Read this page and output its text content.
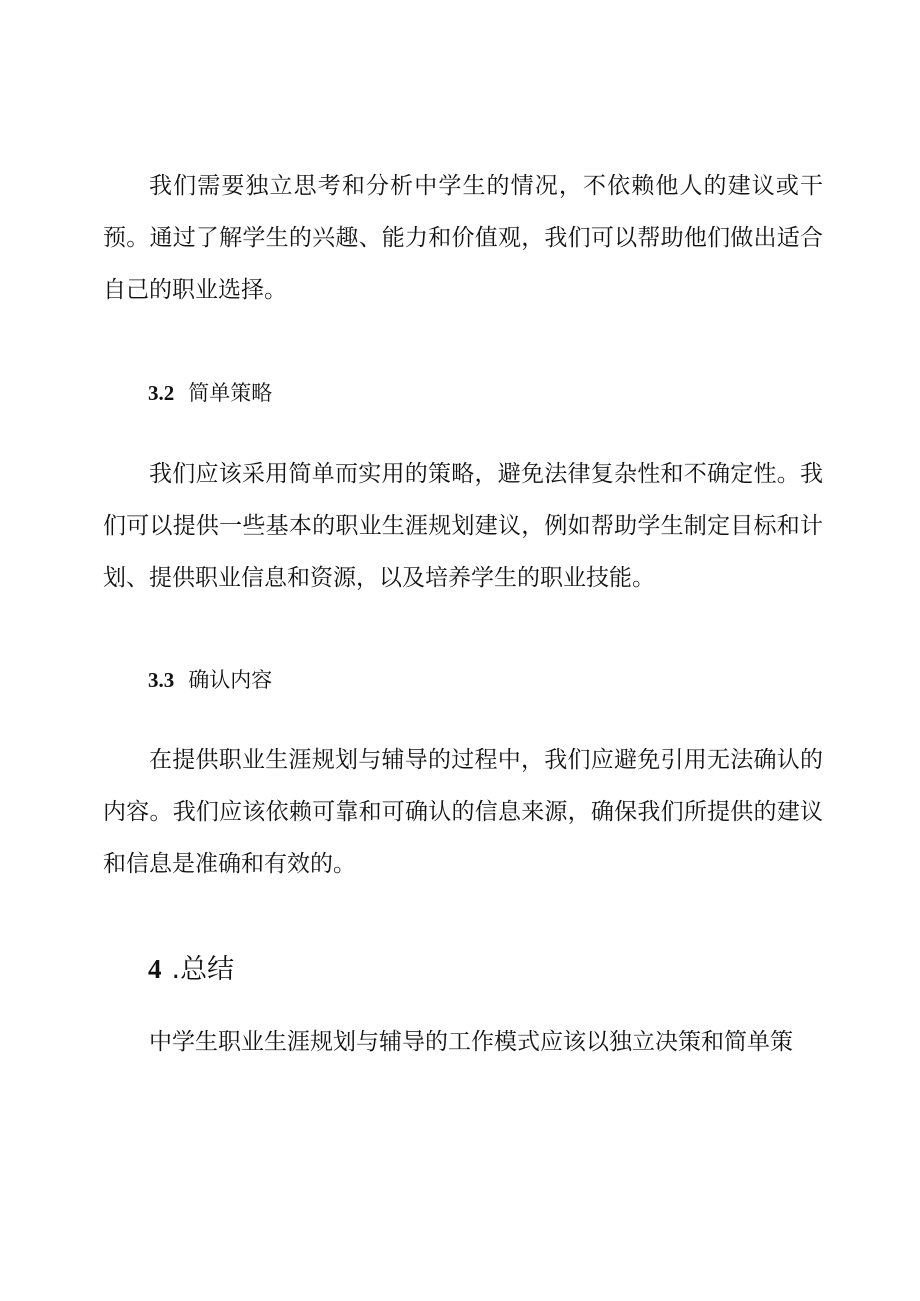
我们需要独立思考和分析中学生的情况，不依赖他人的建议或干预。通过了解学生的兴趣、能力和价值观，我们可以帮助他们做出适合自己的职业选择。

3.2 简单策略

我们应该采用简单而实用的策略，避免法律复杂性和不确定性。我们可以提供一些基本的职业生涯规划建议，例如帮助学生制定目标和计划、提供职业信息和资源，以及培养学生的职业技能。

3.3 确认内容

在提供职业生涯规划与辅导的过程中，我们应避免引用无法确认的内容。我们应该依赖可靠和可确认的信息来源，确保我们所提供的建议和信息是准确和有效的。

4 .总结

中学生职业生涯规划与辅导的工作模式应该以独立决策和简单策
